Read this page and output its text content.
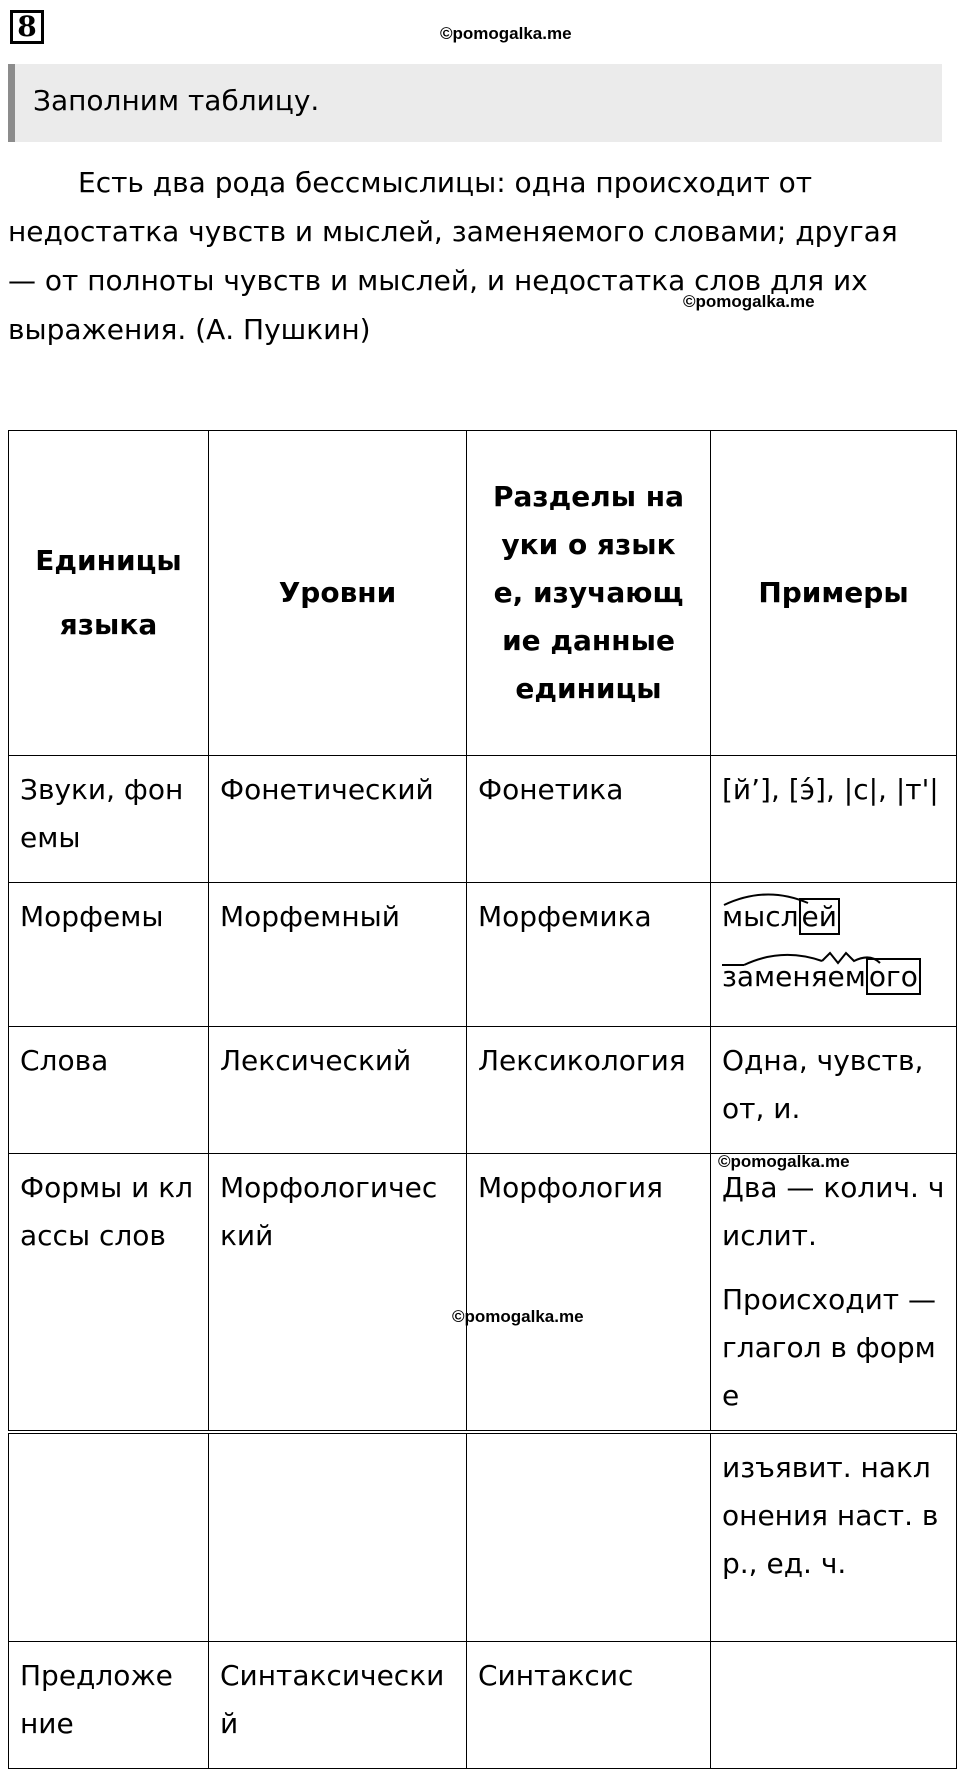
8	©pomogalka.me
Заполним таблицу.
Есть два рода бессмыслицы: одна происходит от недостатка чувств и мыслей, заменяемого словами; другая — от полноты чувств и мыслей, и недостатка слов для их выражения. (А. Пушкин)
©pomogalka.me
Единицы языка	Уровни	Разделы науки о языке, изучающие данные единицы	Примеры
Звуки, фонемы	Фонетический	Фонетика	[й’], [э́], |с|, |т'|
Морфемы	Морфемный	Морфемика	мысл ей
заменяем ого

Слова	Лексический	Лексикология	Одна, чувств, от, и.
Формы и классы слов	Морфологичес кий	Морфология	Два — колич. числит.
Происходит — глагол в форме

			изъявит. наклонения наст. вр., ед. ч.
Предложе ние	Синтаксически й	Синтаксис	
©pomogalka.me
©pomogalka.me
